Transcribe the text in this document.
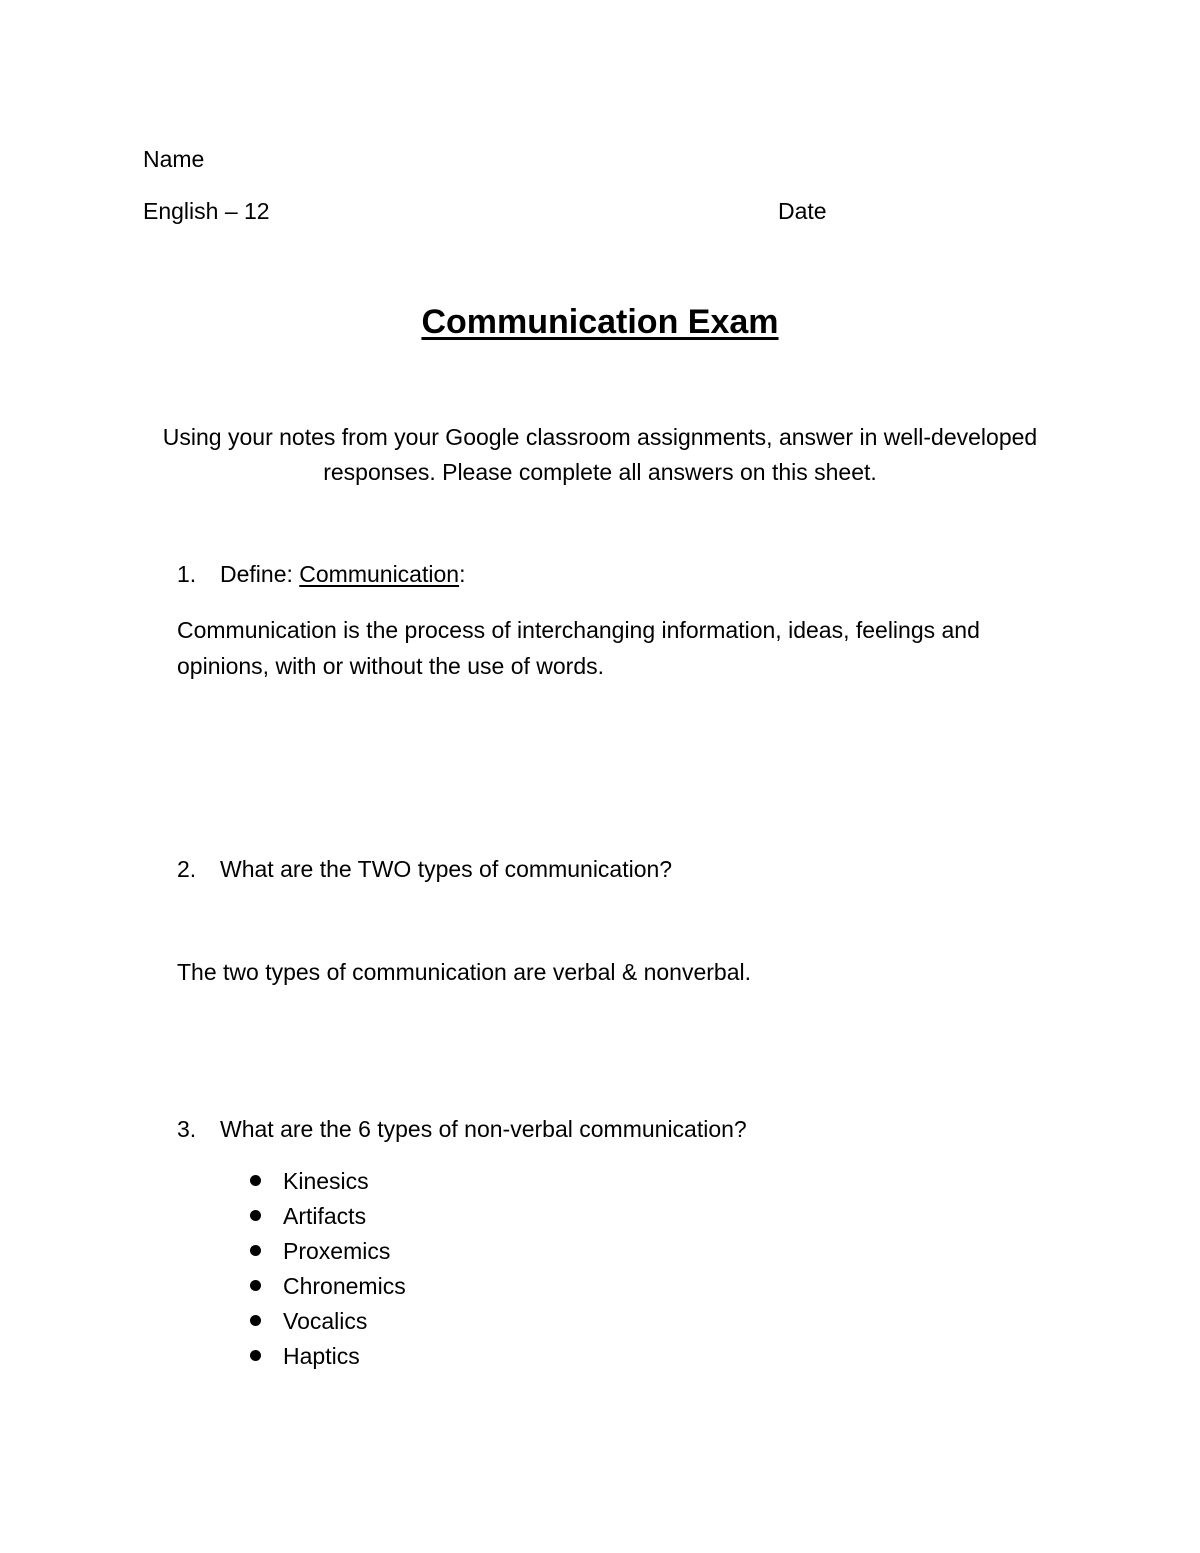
Name
English – 12	Date
Communication Exam
Using your notes from your Google classroom assignments, answer in well-developed responses. Please complete all answers on this sheet.
1. Define: Communication:
Communication is the process of interchanging information, ideas, feelings and opinions, with or without the use of words.
2. What are the TWO types of communication?
The two types of communication are verbal & nonverbal.
3. What are the 6 types of non-verbal communication?
Kinesics
Artifacts
Proxemics
Chronemics
Vocalics
Haptics
